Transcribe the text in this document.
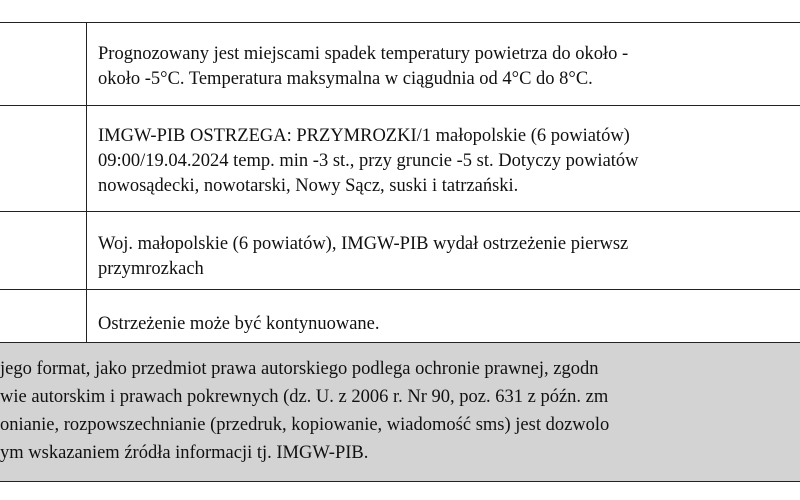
Prognozowany jest miejscami spadek temperatury powietrza do około -
około -5°C. Temperatura maksymalna w ciągudnia od 4°C do 8°C.
IMGW-PIB OSTRZEGA: PRZYMROZKI/1 małopolskie (6 powiatów)
09:00/19.04.2024 temp. min -3 st., przy gruncie -5 st. Dotyczy powiatów
nowosądecki, nowotarski, Nowy Sącz, suski i tatrzański.
Woj. małopolskie (6 powiatów), IMGW-PIB wydał ostrzeżenie pierwsz
przymrozkach
Ostrzeżenie może być kontynuowane.
jego format, jako przedmiot prawa autorskiego podlega ochronie prawnej, zgodn
wie autorskim i prawach pokrewnych (dz. U. z 2006 r. Nr 90, poz. 631 z późn. zm
onianie, rozpowszechnianie (przedruk, kopiowanie, wiadomość sms) jest dozwolo
ym wskazaniem źródła informacji tj. IMGW-PIB.
